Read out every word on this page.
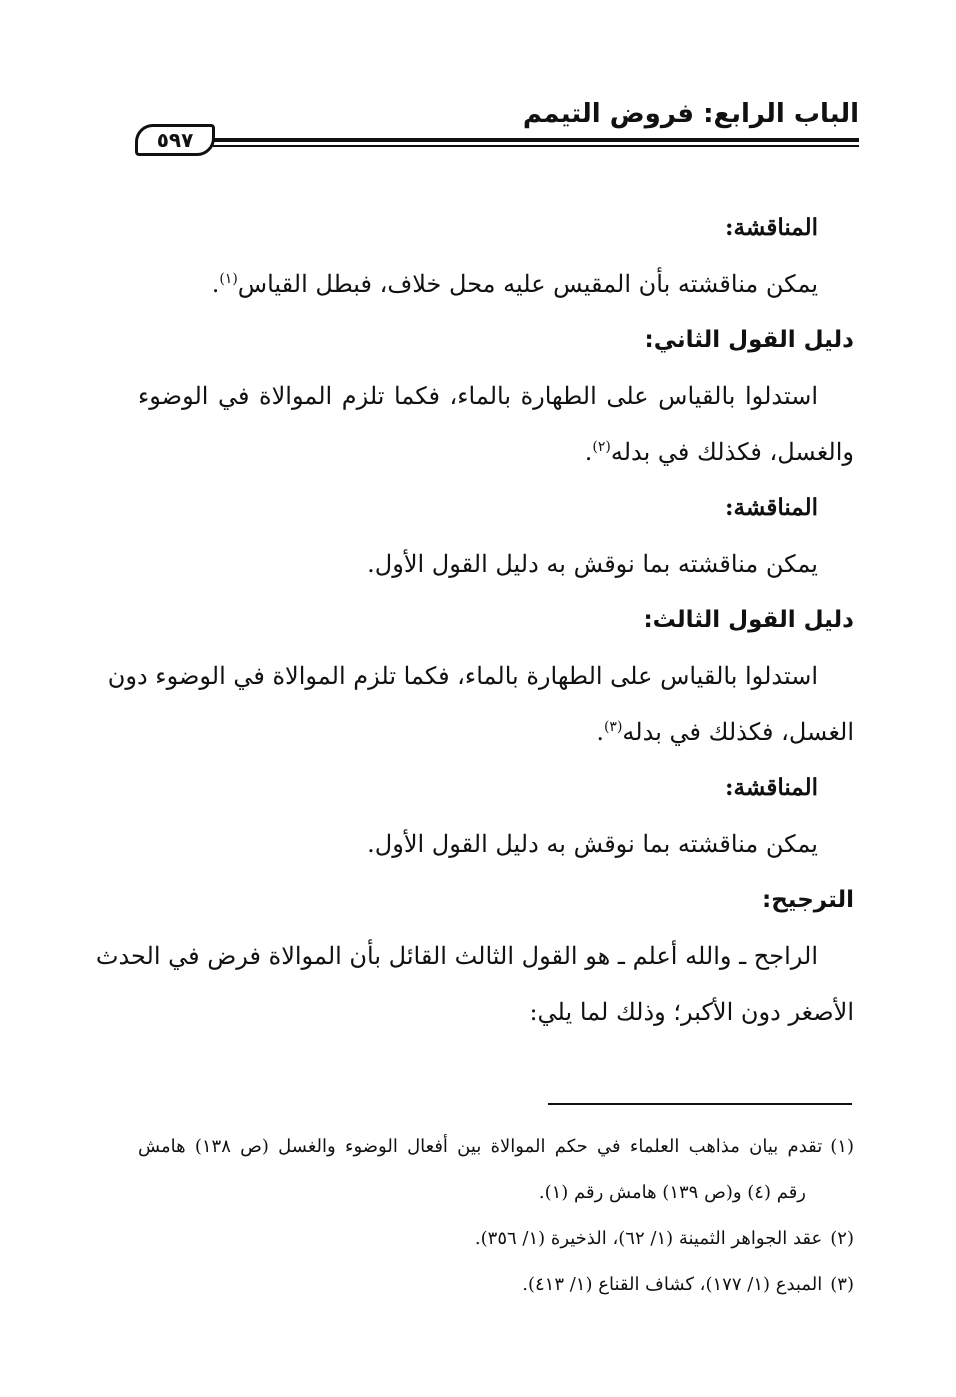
الباب الرابع: فروض التيمم
٥٩٧
المناقشة:
يمكن مناقشته بأن المقيس عليه محل خلاف، فبطل القياس$^{(١)}$.
دليل القول الثاني:
استدلوا بالقياس على الطهارة بالماء، فكما تلزم الموالاة في الوضوء
والغسل، فكذلك في بدله$^{(٢)}$.
المناقشة:
يمكن مناقشته بما نوقش به دليل القول الأول.
دليل القول الثالث:
استدلوا بالقياس على الطهارة بالماء، فكما تلزم الموالاة في الوضوء دون
الغسل، فكذلك في بدله$^{(٣)}$.
المناقشة:
يمكن مناقشته بما نوقش به دليل القول الأول.
الترجيح:
الراجح ـ والله أعلم ـ هو القول الثالث القائل بأن الموالاة فرض في الحدث
الأصغر دون الأكبر؛ وذلك لما يلي:
(١)تقدم بيان مذاهب العلماء في حكم الموالاة بين أفعال الوضوء والغسل (ص ١٣٨) هامش
رقم (٤) و(ص ١٣٩) هامش رقم (١).
(٢)عقد الجواهر الثمينة (١/ ٦٢)، الذخيرة (١/ ٣٥٦).
(٣)المبدع (١/ ١٧٧)، كشاف القناع (١/ ٤١٣).
